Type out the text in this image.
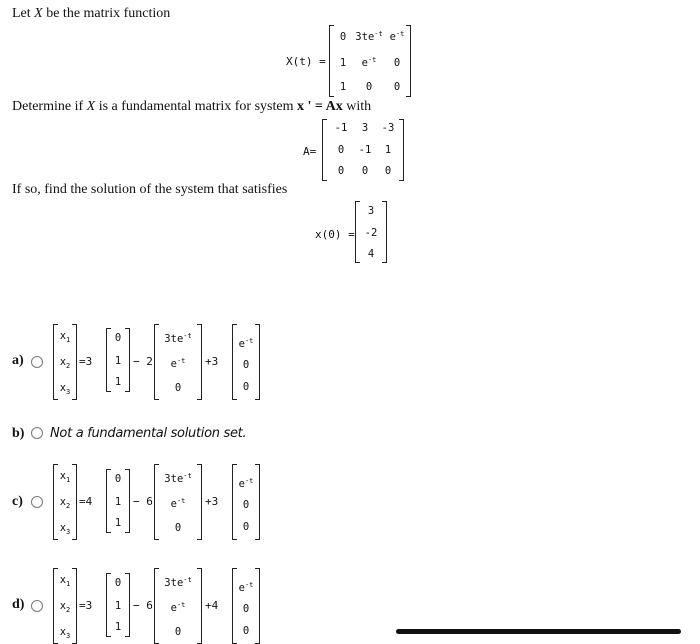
Let X be the matrix function
X(t) =
0 $3te^{-t}$ $e^{-t}$
1	$e^{-t}$	0
1	0	0
Determine if X is a fundamental matrix for system x ' = Ax with
A=
-1	3	-3
0	-1	1
0	0	0
If so, find the solution of the system that satisfies
x(0) =
3
-2
4
a)
$x_1$
$x_2$
$x_3$
=3
0
1
1
− 2
$3te^{-t}$
$e^{-t}$
0
+3
$e^{-t}$
0
0
b) Not a fundamental solution set.
c)
$x_1$
$x_2$
$x_3$
=4
0
1
1
− 6
$3te^{-t}$
$e^{-t}$
0
+3
$e^{-t}$
0
0
d)
$x_1$
$x_2$
$x_3$
=3
0
1
1
− 6
$3te^{-t}$
$e^{-t}$
0
+4
$e^{-t}$
0
0
